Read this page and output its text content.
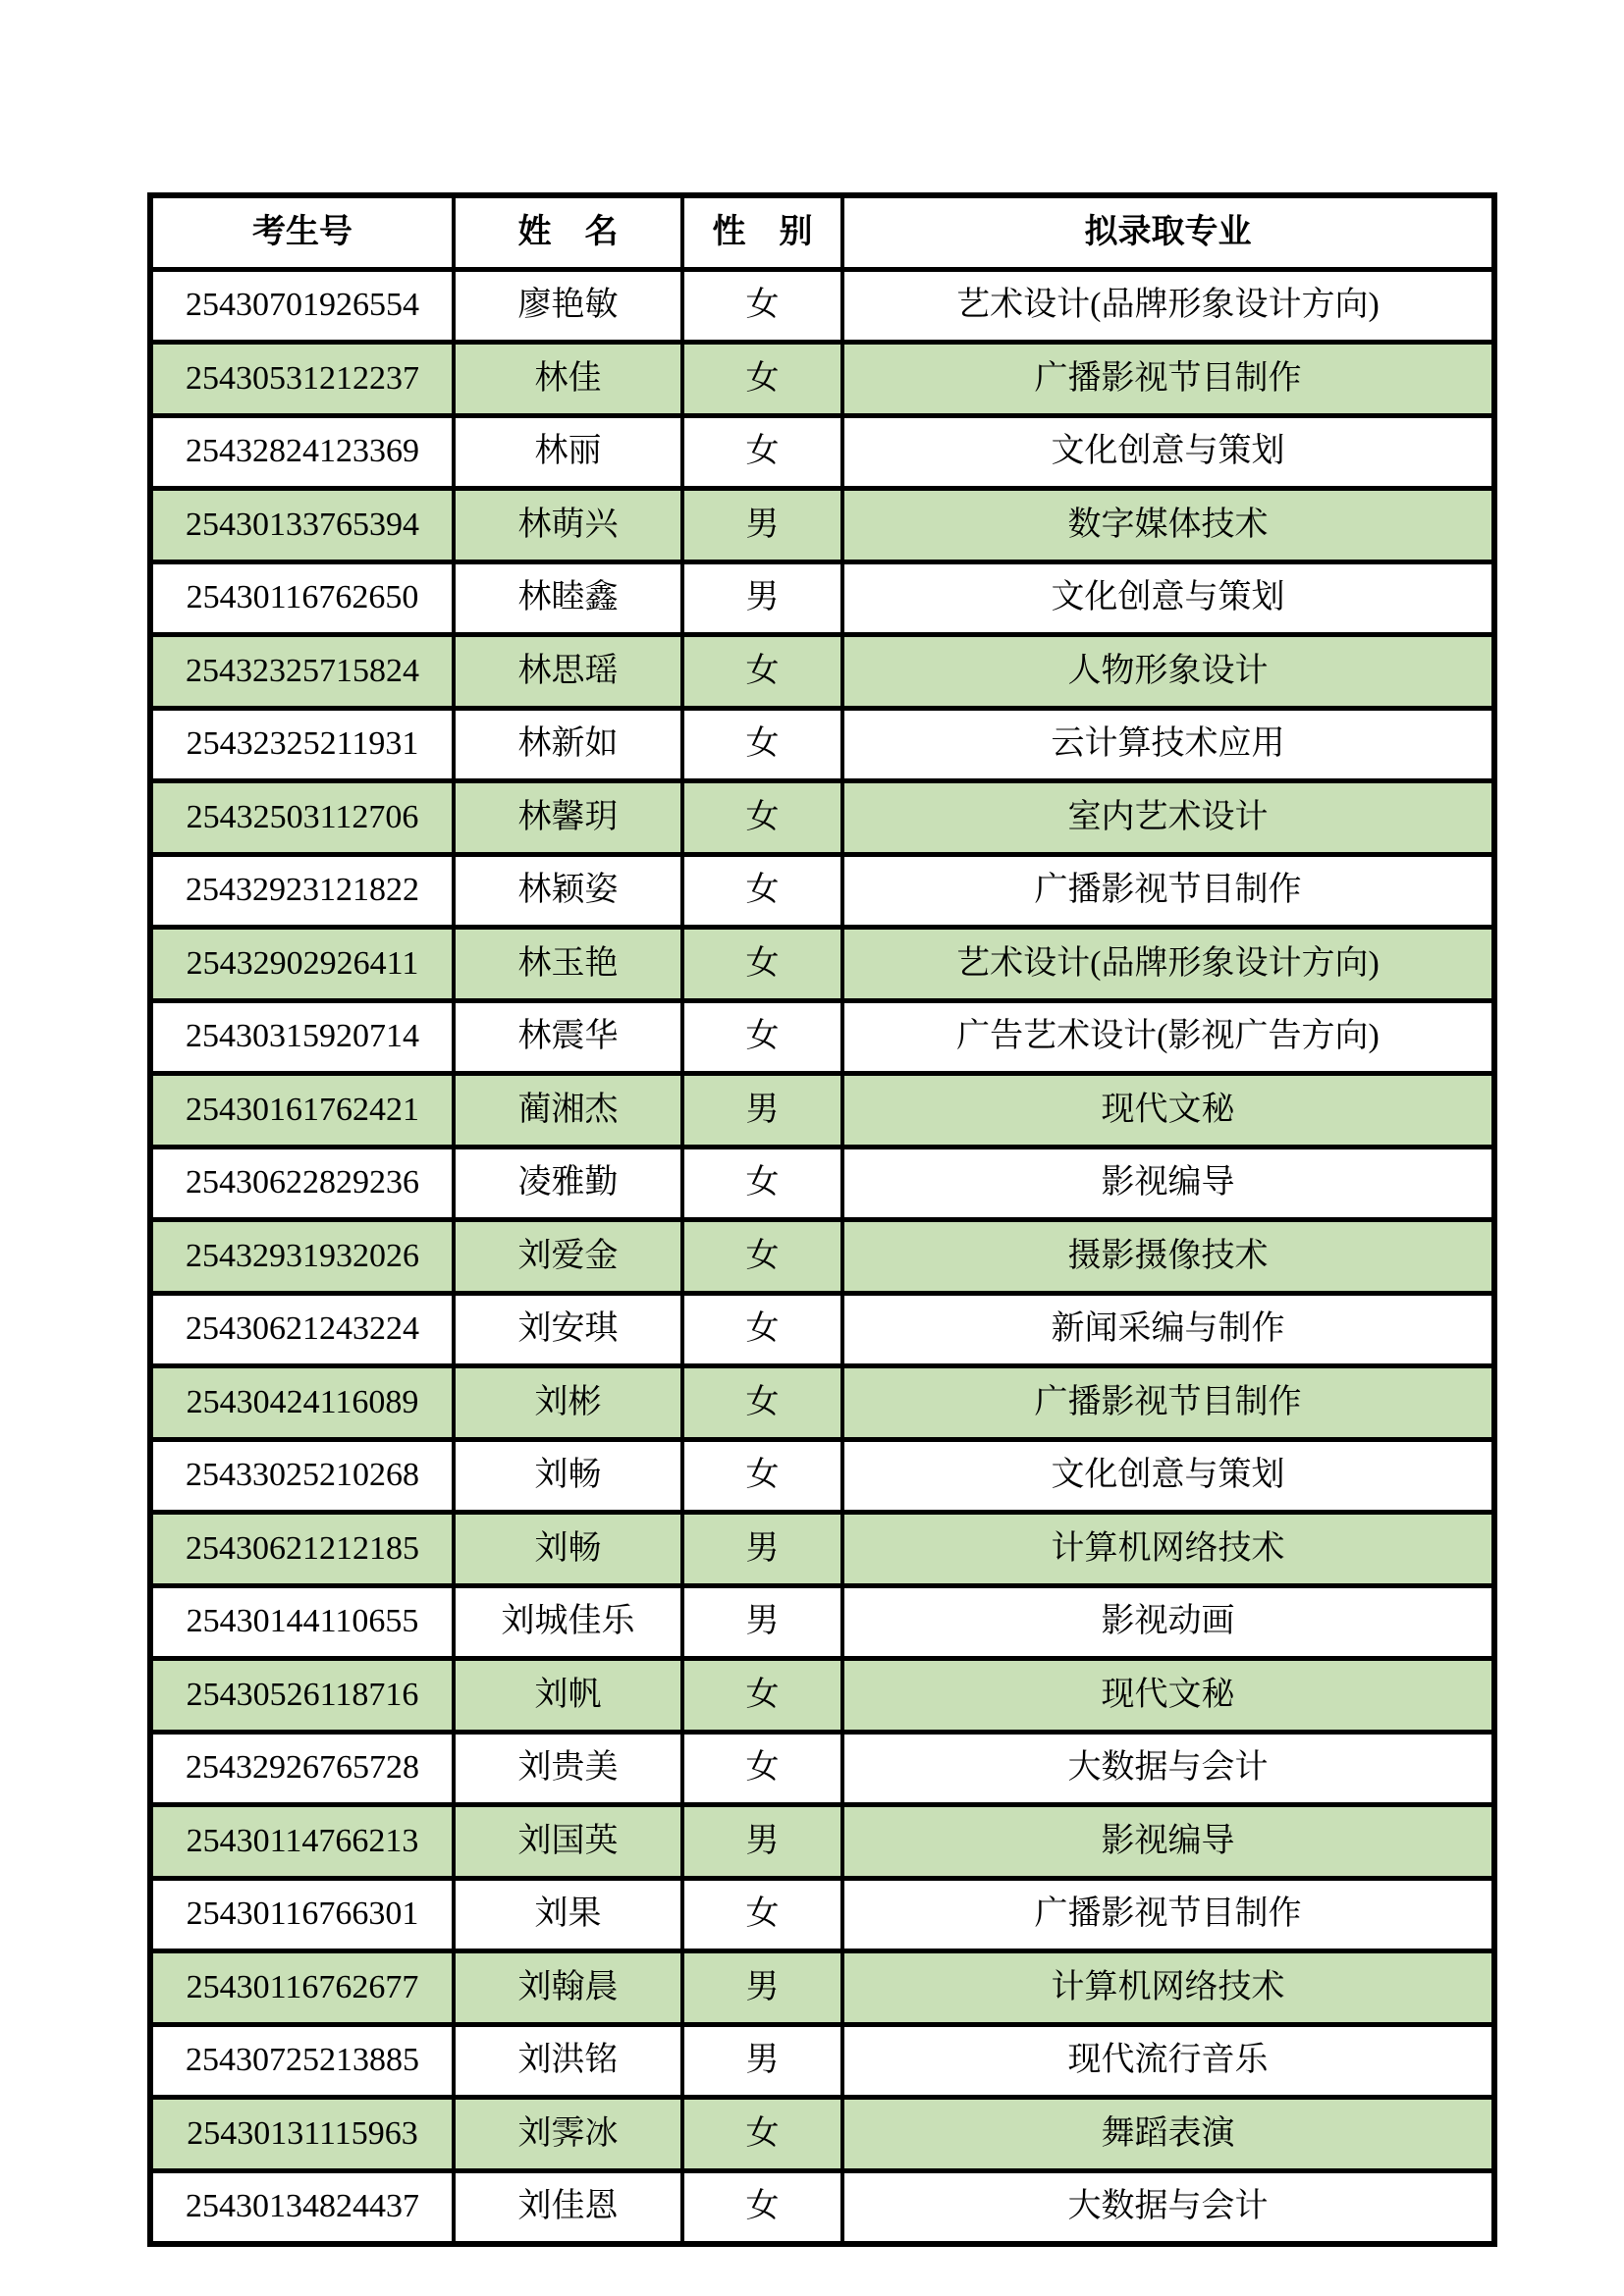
考生号	姓　名	性　别	拟录取专业
25430701926554	廖艳敏	女	艺术设计(品牌形象设计方向)
25430531212237	林佳	女	广播影视节目制作
25432824123369	林丽	女	文化创意与策划
25430133765394	林萌兴	男	数字媒体技术
25430116762650	林睦鑫	男	文化创意与策划
25432325715824	林思瑶	女	人物形象设计
25432325211931	林新如	女	云计算技术应用
25432503112706	林馨玥	女	室内艺术设计
25432923121822	林颖姿	女	广播影视节目制作
25432902926411	林玉艳	女	艺术设计(品牌形象设计方向)
25430315920714	林震华	女	广告艺术设计(影视广告方向)
25430161762421	蔺湘杰	男	现代文秘
25430622829236	凌雅勤	女	影视编导
25432931932026	刘爱金	女	摄影摄像技术
25430621243224	刘安琪	女	新闻采编与制作
25430424116089	刘彬	女	广播影视节目制作
25433025210268	刘畅	女	文化创意与策划
25430621212185	刘畅	男	计算机网络技术
25430144110655	刘城佳乐	男	影视动画
25430526118716	刘帆	女	现代文秘
25432926765728	刘贵美	女	大数据与会计
25430114766213	刘国英	男	影视编导
25430116766301	刘果	女	广播影视节目制作
25430116762677	刘翰晨	男	计算机网络技术
25430725213885	刘洪铭	男	现代流行音乐
25430131115963	刘霁冰	女	舞蹈表演
25430134824437	刘佳恩	女	大数据与会计
